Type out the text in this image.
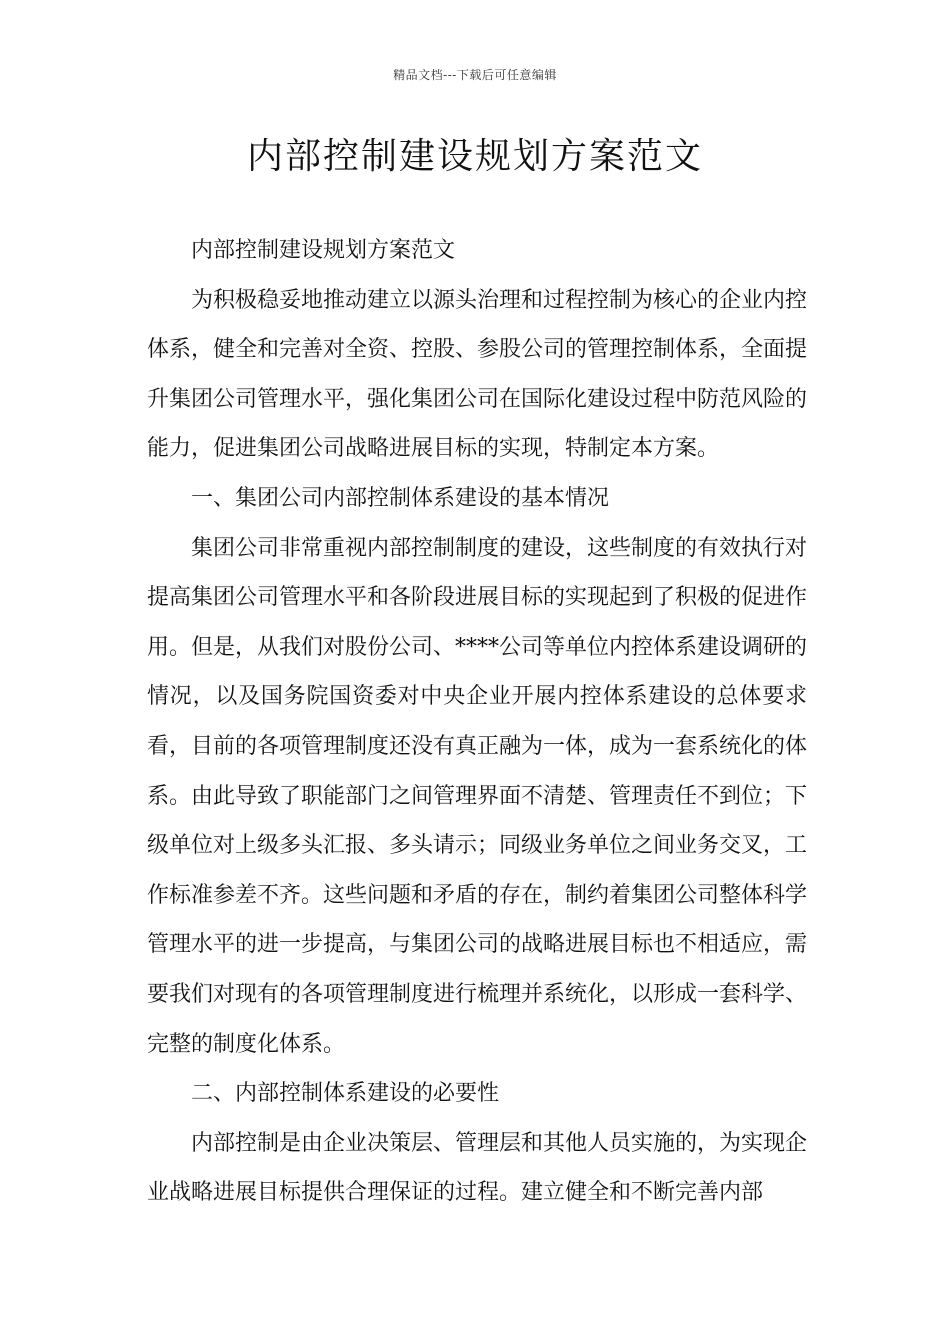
精品文档---下载后可任意编辑
内部控制建设规划方案范文

内部控制建设规划方案范文

为积极稳妥地推动建立以源头治理和过程控制为核心的企业内控体系，健全和完善对全资、控股、参股公司的管理控制体系，全面提升集团公司管理水平，强化集团公司在国际化建设过程中防范风险的能力，促进集团公司战略进展目标的实现，特制定本方案。

一、集团公司内部控制体系建设的基本情况

集团公司非常重视内部控制制度的建设，这些制度的有效执行对提高集团公司管理水平和各阶段进展目标的实现起到了积极的促进作用。但是，从我们对股份公司、****公司等单位内控体系建设调研的情况，以及国务院国资委对中央企业开展内控体系建设的总体要求看，目前的各项管理制度还没有真正融为一体，成为一套系统化的体系。由此导致了职能部门之间管理界面不清楚、管理责任不到位；下级单位对上级多头汇报、多头请示；同级业务单位之间业务交叉，工作标准参差不齐。这些问题和矛盾的存在，制约着集团公司整体科学管理水平的进一步提高，与集团公司的战略进展目标也不相适应，需要我们对现有的各项管理制度进行梳理并系统化，以形成一套科学、完整的制度化体系。

二、内部控制体系建设的必要性

内部控制是由企业决策层、管理层和其他人员实施的，为实现企业战略进展目标提供合理保证的过程。建立健全和不断完善内部
